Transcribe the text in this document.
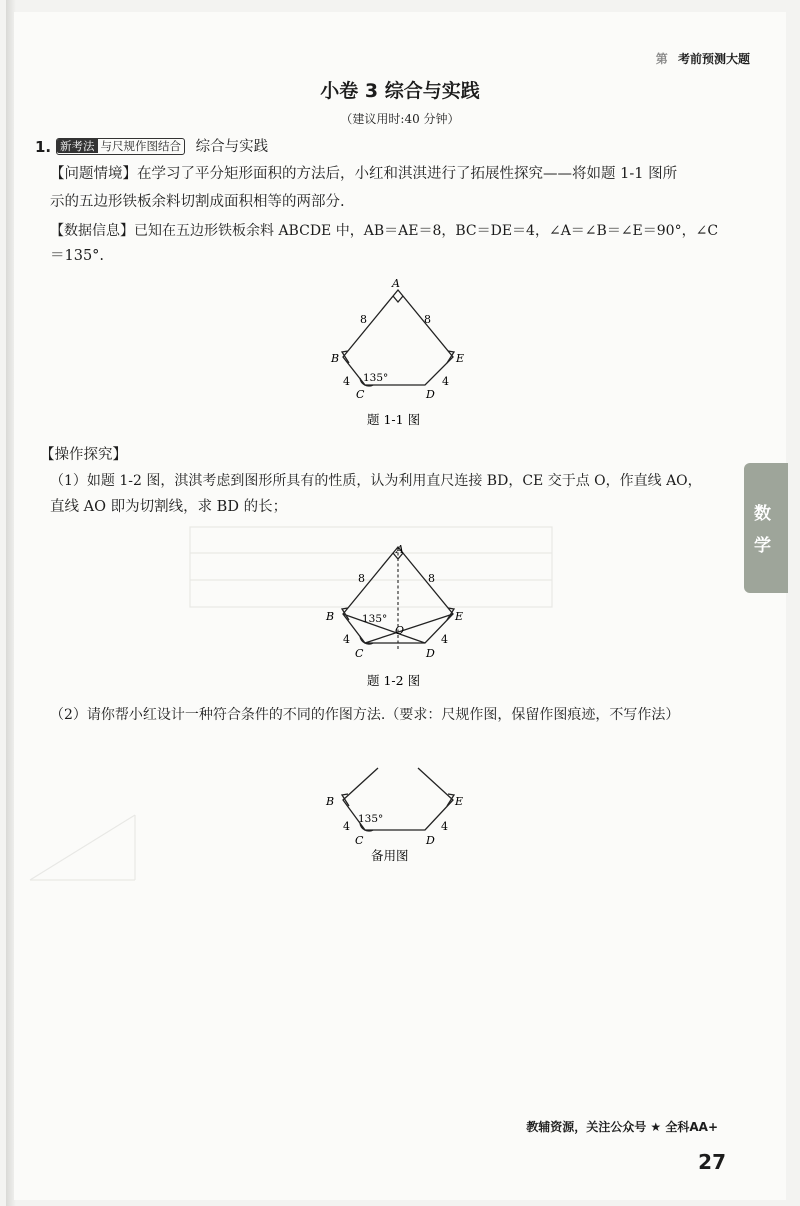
第 考前预测大题
小卷 3 综合与实践
（建议用时:40 分钟）
1. 新考法 与尺规作图结合 综合与实践
【问题情境】在学习了平分矩形面积的方法后，小红和淇淇进行了拓展性探究——将如题 1-1 图所
示的五边形铁板余料切割成面积相等的两部分.
【数据信息】已知在五边形铁板余料 ABCDE 中，AB＝AE＝8，BC＝DE＝4，∠A＝∠B＝∠E＝90°，∠C
＝135°.
A
B
C	D
E
8	8
4	4
135°
题 1-1 图
【操作探究】
（1）如题 1-2 图，淇淇考虑到图形所具有的性质，认为利用直尺连接 BD，CE 交于点 O，作直线 AO，
直线 AO 即为切割线，求 BD 的长；
A
B
C	D
E
O
8	8
4	4
135°
题 1-2 图
（2）请你帮小红设计一种符合条件的不同的作图方法.（要求：尺规作图，保留作图痕迹，不写作法）
B
C	D
E
4	4
135°
备用图
数
学
教辅资源，关注公众号 ★ 全科AA+
27
